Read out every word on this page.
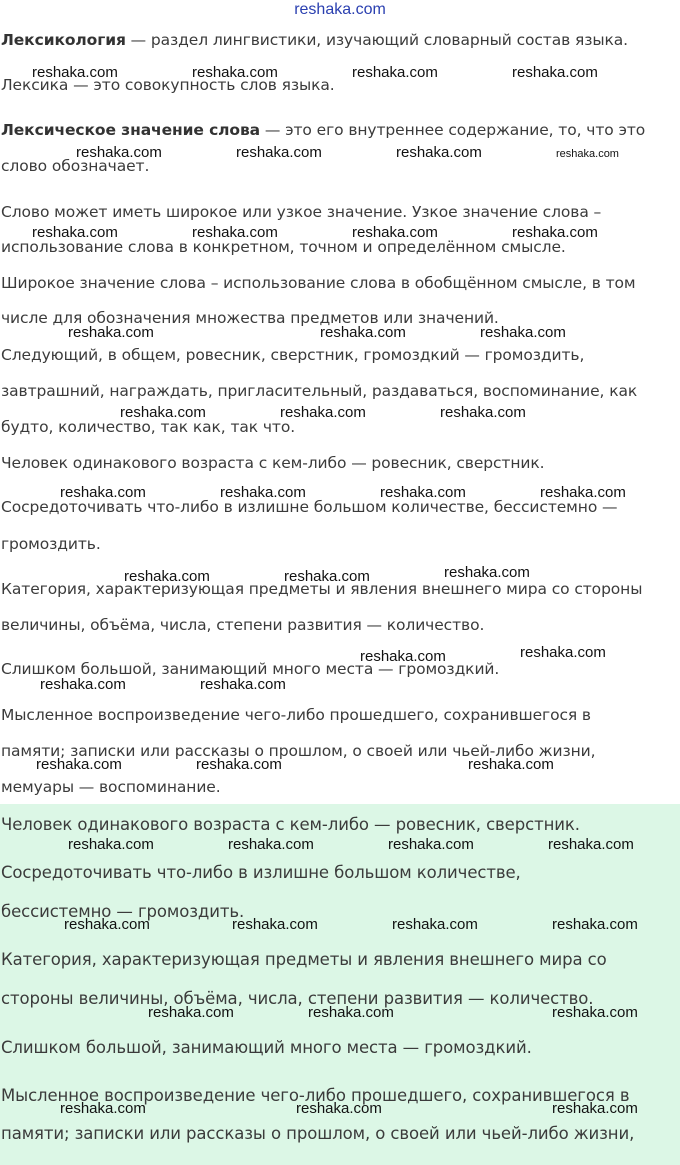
reshaka.com
Лексикология — раздел лингвистики, изучающий словарный состав языка.
Лексика — это совокупность слов языка.
Лексическое значение слова — это его внутреннее содержание, то, что это
слово обозначает.
Слово может иметь широкое или узкое значение. Узкое значение слова –
использование слова в конкретном, точном и определённом смысле.
Широкое значение слова – использование слова в обобщённом смысле, в том
числе для обозначения множества предметов или значений.
Следующий, в общем, ровесник, сверстник, громоздкий — громоздить,
завтрашний, награждать, пригласительный, раздаваться, воспоминание, как
будто, количество, так как, так что.
Человек одинакового возраста с кем-либо — ровесник, сверстник.
Сосредоточивать что-либо в излишне большом количестве, бессистемно —
громоздить.
Категория, характеризующая предметы и явления внешнего мира со стороны
величины, объёма, числа, степени развития — количество.
Слишком большой, занимающий много места — громоздкий.
Мысленное воспроизведение чего-либо прошедшего, сохранившегося в
памяти; записки или рассказы о прошлом, о своей или чьей-либо жизни,
мемуары — воспоминание.
Человек одинакового возраста с кем-либо — ровесник, сверстник.
Сосредоточивать что-либо в излишне большом количестве,
бессистемно — громоздить.
Категория, характеризующая предметы и явления внешнего мира со
стороны величины, объёма, числа, степени развития — количество.
Слишком большой, занимающий много места — громоздкий.
Мысленное воспроизведение чего-либо прошедшего, сохранившегося в
памяти; записки или рассказы о прошлом, о своей или чьей-либо жизни,
reshaka.com	reshaka.com	reshaka.com	reshaka.com
reshaka.com	reshaka.com	reshaka.com	reshaka.com
reshaka.com	reshaka.com	reshaka.com	reshaka.com
reshaka.com	reshaka.com	reshaka.com
reshaka.com	reshaka.com	reshaka.com
reshaka.com	reshaka.com	reshaka.com	reshaka.com
reshaka.com	reshaka.com	reshaka.com
reshaka.com	reshaka.com
reshaka.com	reshaka.com
reshaka.com	reshaka.com	reshaka.com
reshaka.com	reshaka.com	reshaka.com	reshaka.com
reshaka.com	reshaka.com	reshaka.com	reshaka.com
reshaka.com	reshaka.com	reshaka.com
reshaka.com	reshaka.com	reshaka.com
